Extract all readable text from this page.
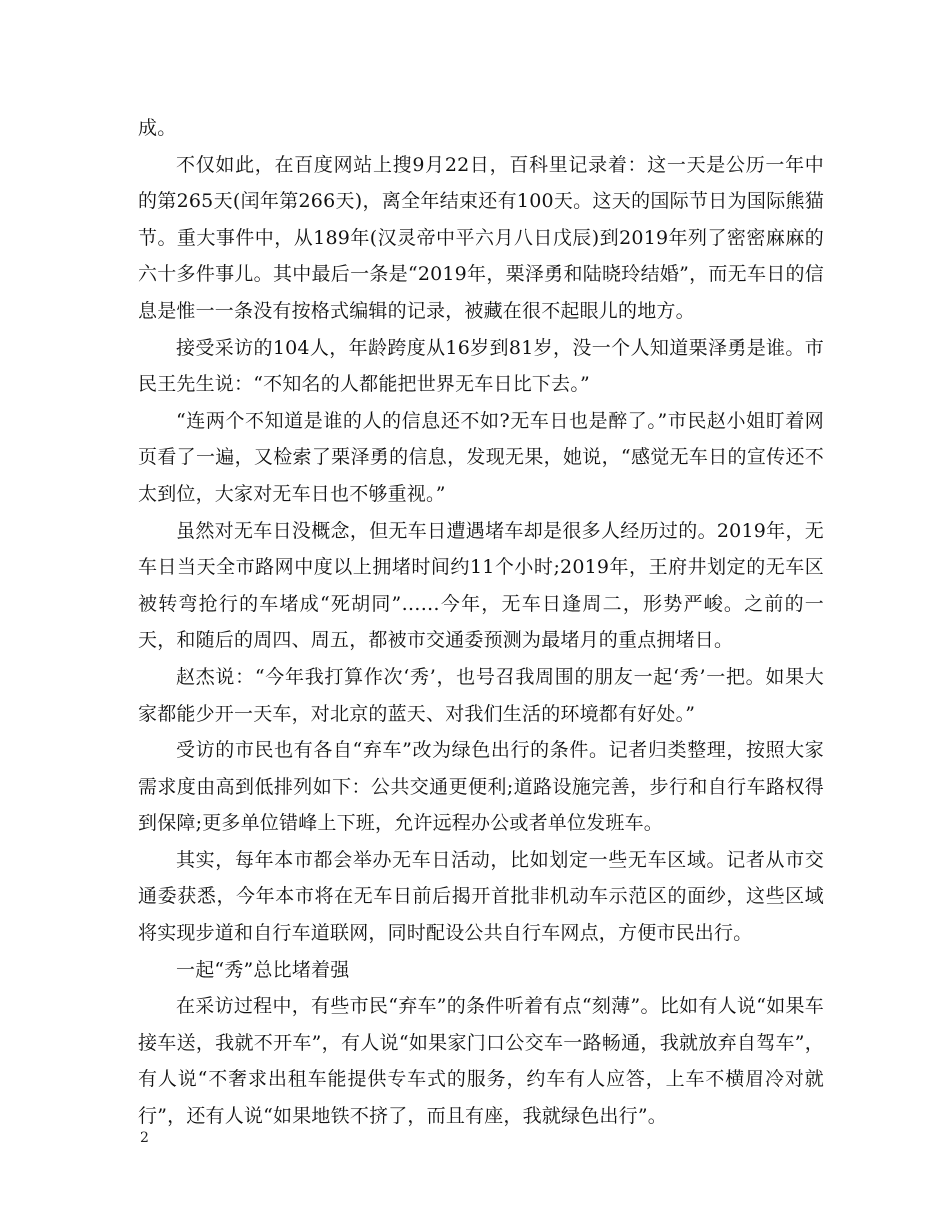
成。

不仅如此，在百度网站上搜9月22日，百科里记录着：这一天是公历一年中的第265天(闰年第266天)，离全年结束还有100天。这天的国际节日为国际熊猫节。重大事件中，从189年(汉灵帝中平六月八日戊辰)到2019年列了密密麻麻的六十多件事儿。其中最后一条是“2019年，栗泽勇和陆晓玲结婚”，而无车日的信息是惟一一条没有按格式编辑的记录，被藏在很不起眼儿的地方。

接受采访的104人，年龄跨度从16岁到81岁，没一个人知道栗泽勇是谁。市民王先生说：“不知名的人都能把世界无车日比下去。”

“连两个不知道是谁的人的信息还不如?无车日也是醉了。”市民赵小姐盯着网页看了一遍，又检索了栗泽勇的信息，发现无果，她说，“感觉无车日的宣传还不太到位，大家对无车日也不够重视。”

虽然对无车日没概念，但无车日遭遇堵车却是很多人经历过的。2019年，无车日当天全市路网中度以上拥堵时间约11个小时;2019年，王府井划定的无车区被转弯抢行的车堵成“死胡同”……今年，无车日逢周二，形势严峻。之前的一天，和随后的周四、周五，都被市交通委预测为最堵月的重点拥堵日。

赵杰说：“今年我打算作次‘秀’，也号召我周围的朋友一起‘秀’一把。如果大家都能少开一天车，对北京的蓝天、对我们生活的环境都有好处。”

受访的市民也有各自“弃车”改为绿色出行的条件。记者归类整理，按照大家需求度由高到低排列如下：公共交通更便利;道路设施完善，步行和自行车路权得到保障;更多单位错峰上下班，允许远程办公或者单位发班车。

其实，每年本市都会举办无车日活动，比如划定一些无车区域。记者从市交通委获悉，今年本市将在无车日前后揭开首批非机动车示范区的面纱，这些区域将实现步道和自行车道联网，同时配设公共自行车网点，方便市民出行。

一起“秀”总比堵着强

在采访过程中，有些市民“弃车”的条件听着有点“刻薄”。比如有人说“如果车接车送，我就不开车”，有人说“如果家门口公交车一路畅通，我就放弃自驾车”，有人说“不奢求出租车能提供专车式的服务，约车有人应答，上车不横眉冷对就行”，还有人说“如果地铁不挤了，而且有座，我就绿色出行”。

2
